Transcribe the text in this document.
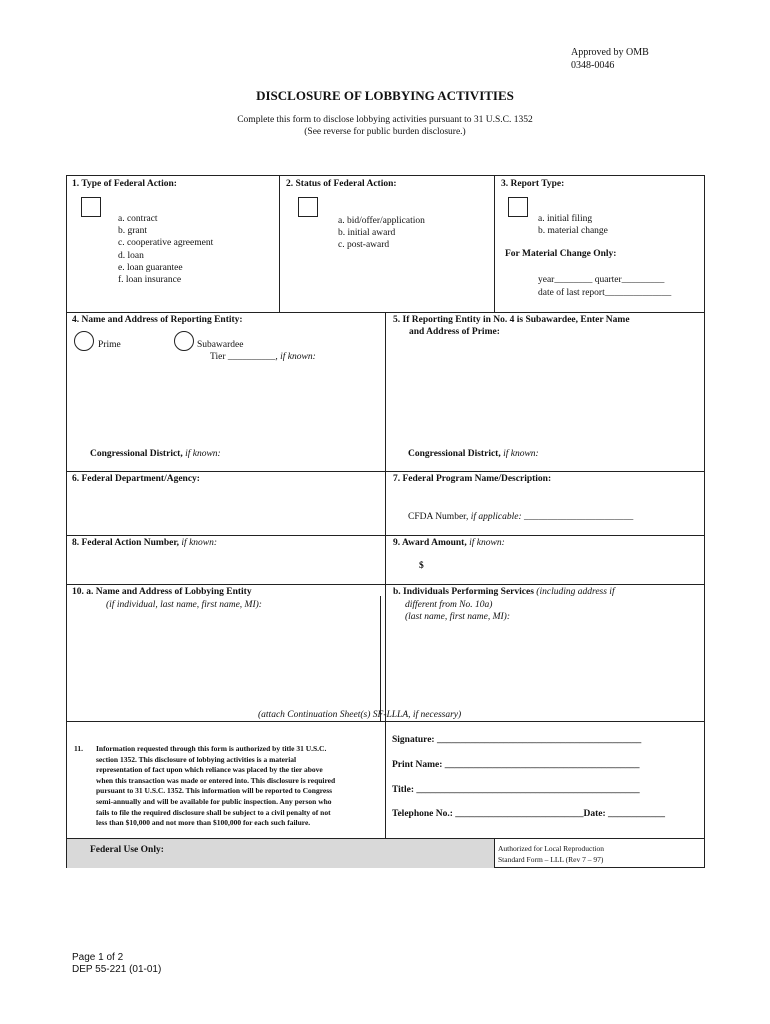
Approved by OMB
0348-0046
DISCLOSURE OF LOBBYING ACTIVITIES
Complete this form to disclose lobbying activities pursuant to 31 U.S.C. 1352
(See reverse for public burden disclosure.)
1. Type of Federal Action:
a. contract
b. grant
c. cooperative agreement
d. loan
e. loan guarantee
f. loan insurance
2. Status of Federal Action:
a. bid/offer/application
b. initial award
c. post-award
3. Report Type:
a. initial filing
b. material change
For Material Change Only:
year________ quarter_________
date of last report______________
4. Name and Address of Reporting Entity:
Prime	Subawardee
Tier __________, if known:
Congressional District, if known:
5. If Reporting Entity in No. 4 is Subawardee, Enter Name
and Address of Prime:
Congressional District, if known:
6. Federal Department/Agency:	7. Federal Program Name/Description:
CFDA Number, if applicable: _______________________
8. Federal Action Number, if known:	9. Award Amount, if known:
$
10. a. Name and Address of Lobbying Entity
(if individual, last name, first name, MI):
b. Individuals Performing Services (including address if
different from No. 10a)
(last name, first name, MI):
(attach Continuation Sheet(s) SF-LLLA, if necessary)
11. Information requested through this form is authorized by title 31 U.S.C.
section 1352. This disclosure of lobbying activities is a material
representation of fact upon which reliance was placed by the tier above
when this transaction was made or entered into. This disclosure is required
pursuant to 31 U.S.C. 1352. This information will be reported to Congress
semi-annually and will be available for public inspection. Any person who
fails to file the required disclosure shall be subject to a civil penalty of not
less than $10,000 and not more than $100,000 for each such failure.
Signature: ___________________________________________
Print Name: _________________________________________
Title: _______________________________________________
Telephone No.: ___________________________Date: ____________
Federal Use Only:	Authorized for Local Reproduction
Standard Form – LLL (Rev 7 – 97)
Page 1 of 2
DEP 55-221 (01-01)
